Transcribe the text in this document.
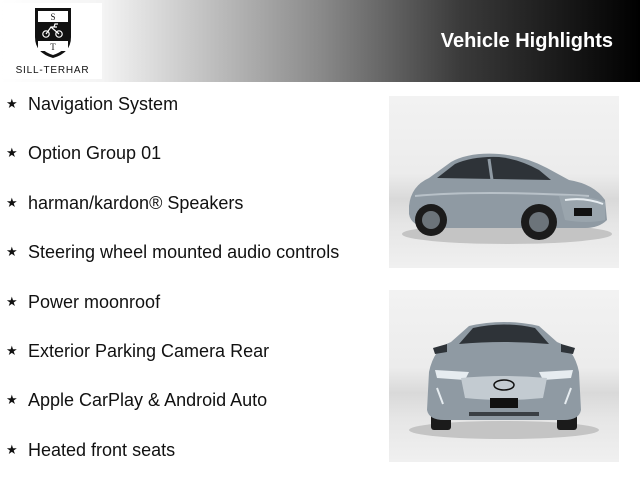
S
T
SILL-TERHAR
Vehicle Highlights
★ Navigation System
★ Option Group 01
★ harman/kardon® Speakers
★ Steering wheel mounted audio controls
★ Power moonroof
★ Exterior Parking Camera Rear
★ Apple CarPlay & Android Auto
★ Heated front seats
